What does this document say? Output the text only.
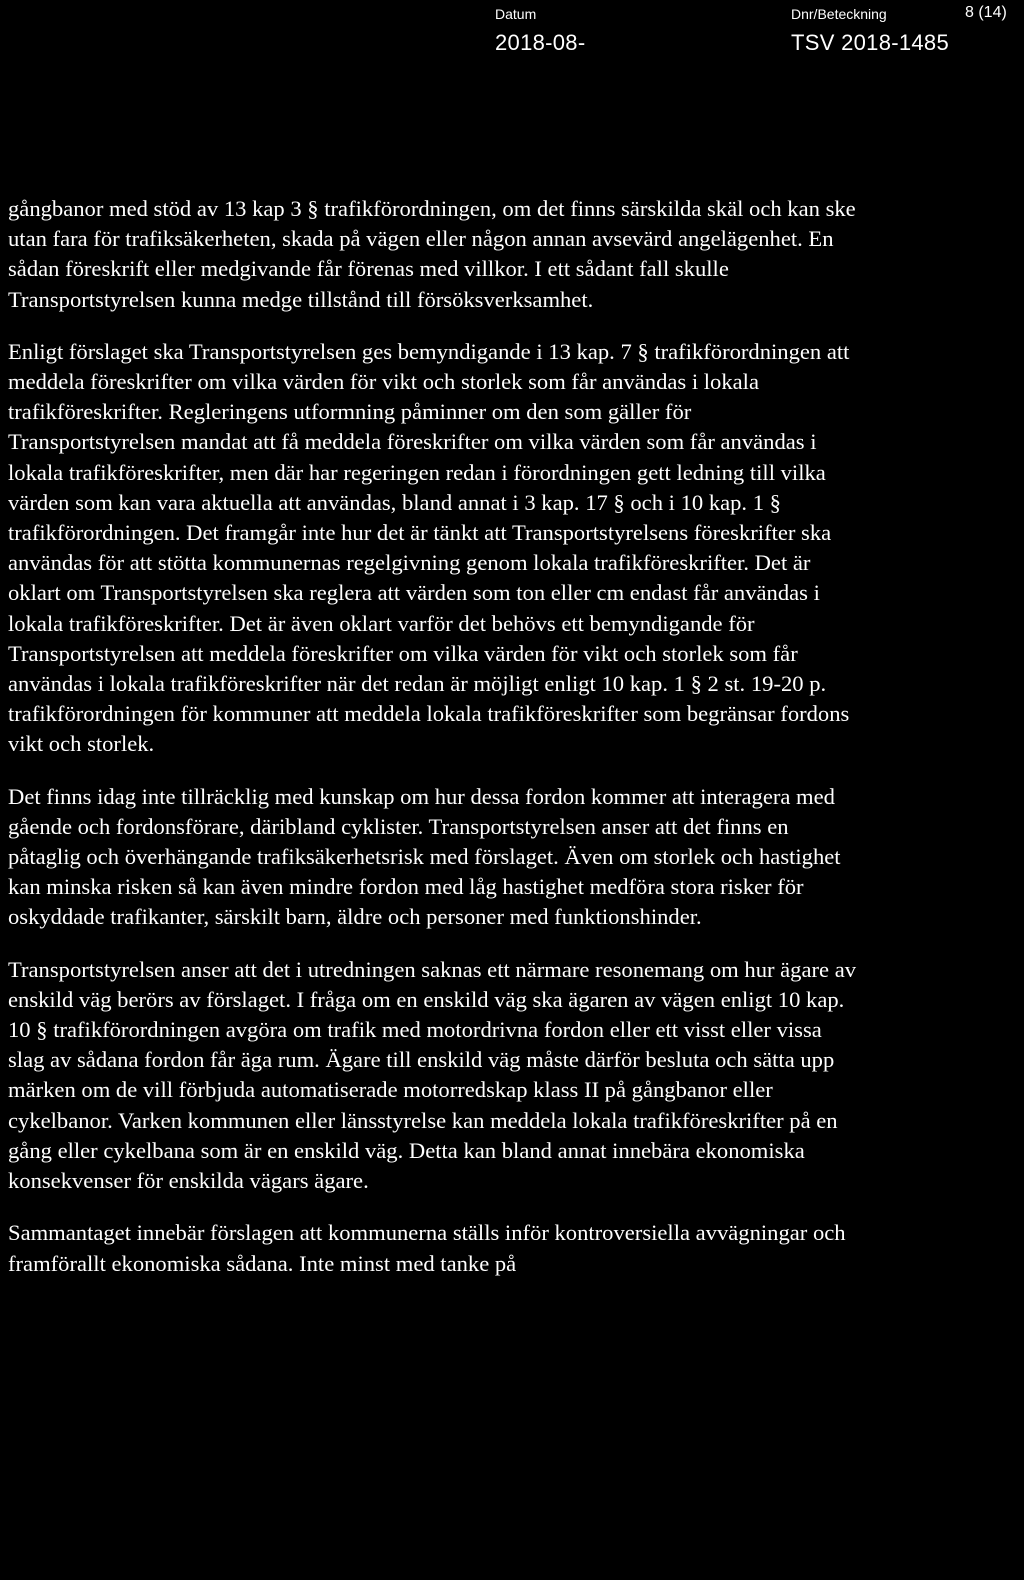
Datum
2018-08-
Dnr/Beteckning
TSV 2018-1485
8 (14)

gångbanor med stöd av 13 kap 3 § trafikförordningen, om det finns särskilda skäl och kan ske utan fara för trafiksäkerheten, skada på vägen eller någon annan avsevärd angelägenhet. En sådan föreskrift eller medgivande får förenas med villkor. I ett sådant fall skulle Transportstyrelsen kunna medge tillstånd till försöksverksamhet.

Enligt förslaget ska Transportstyrelsen ges bemyndigande i 13 kap. 7 § trafikförordningen att meddela föreskrifter om vilka värden för vikt och storlek som får användas i lokala trafikföreskrifter. Regleringens utformning påminner om den som gäller för Transportstyrelsen mandat att få meddela föreskrifter om vilka värden som får användas i lokala trafikföreskrifter, men där har regeringen redan i förordningen gett ledning till vilka värden som kan vara aktuella att användas, bland annat i 3 kap. 17 § och i 10 kap. 1 § trafikförordningen. Det framgår inte hur det är tänkt att Transportstyrelsens föreskrifter ska användas för att stötta kommunernas regelgivning genom lokala trafikföreskrifter. Det är oklart om Transportstyrelsen ska reglera att värden som ton eller cm endast får användas i lokala trafikföreskrifter. Det är även oklart varför det behövs ett bemyndigande för Transportstyrelsen att meddela föreskrifter om vilka värden för vikt och storlek som får användas i lokala trafikföreskrifter när det redan är möjligt enligt 10 kap. 1 § 2 st. 19-20 p. trafikförordningen för kommuner att meddela lokala trafikföreskrifter som begränsar fordons vikt och storlek.

Det finns idag inte tillräcklig med kunskap om hur dessa fordon kommer att interagera med gående och fordonsförare, däribland cyklister. Transportstyrelsen anser att det finns en påtaglig och överhängande trafiksäkerhetsrisk med förslaget. Även om storlek och hastighet kan minska risken så kan även mindre fordon med låg hastighet medföra stora risker för oskyddade trafikanter, särskilt barn, äldre och personer med funktionshinder.

Transportstyrelsen anser att det i utredningen saknas ett närmare resonemang om hur ägare av enskild väg berörs av förslaget. I fråga om en enskild väg ska ägaren av vägen enligt 10 kap. 10 § trafikförordningen avgöra om trafik med motordrivna fordon eller ett visst eller vissa slag av sådana fordon får äga rum. Ägare till enskild väg måste därför besluta och sätta upp märken om de vill förbjuda automatiserade motorredskap klass II på gångbanor eller cykelbanor. Varken kommunen eller länsstyrelse kan meddela lokala trafikföreskrifter på en gång eller cykelbana som är en enskild väg. Detta kan bland annat innebära ekonomiska konsekvenser för enskilda vägars ägare.

Sammantaget innebär förslagen att kommunerna ställs inför kontroversiella avvägningar och framförallt ekonomiska sådana. Inte minst med tanke på
